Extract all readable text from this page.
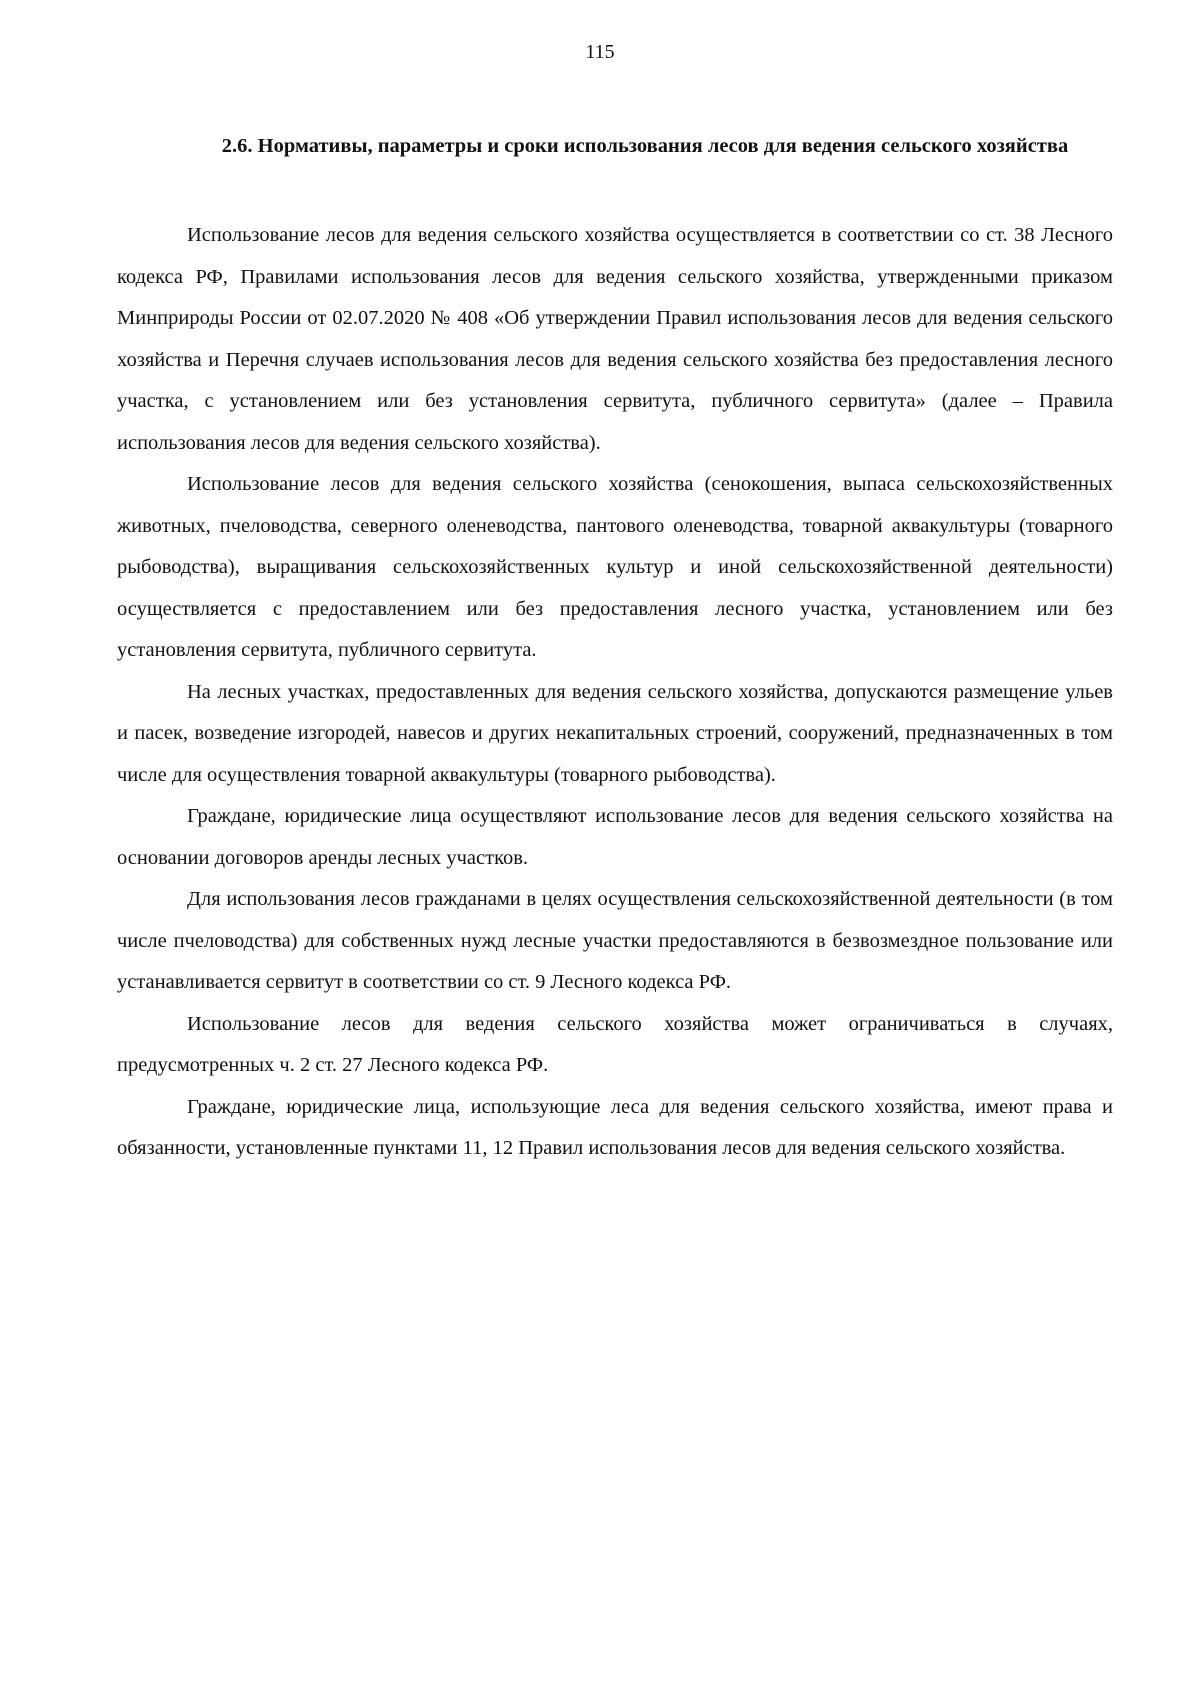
115
2.6. Нормативы, параметры и сроки использования лесов для ведения сельского хозяйства

Использование лесов для ведения сельского хозяйства осуществляется в соответствии со ст. 38 Лесного кодекса РФ, Правилами использования лесов для ведения сельского хозяйства, утвержденными приказом Минприроды России от 02.07.2020 № 408 «Об утверждении Правил использования лесов для ведения сельского хозяйства и Перечня случаев использования лесов для ведения сельского хозяйства без предоставления лесного участка, с установлением или без установления сервитута, публичного сервитута» (далее – Правила использования лесов для ведения сельского хозяйства).

Использование лесов для ведения сельского хозяйства (сенокошения, выпаса сельскохозяйственных животных, пчеловодства, северного оленеводства, пантового оленеводства, товарной аквакультуры (товарного рыбоводства), выращивания сельскохозяйственных культур и иной сельскохозяйственной деятельности) осуществляется с предоставлением или без предоставления лесного участка, установлением или без установления сервитута, публичного сервитута.

На лесных участках, предоставленных для ведения сельского хозяйства, допускаются размещение ульев и пасек, возведение изгородей, навесов и других некапитальных строений, сооружений, предназначенных в том числе для осуществления товарной аквакультуры (товарного рыбоводства).

Граждане, юридические лица осуществляют использование лесов для ведения сельского хозяйства на основании договоров аренды лесных участков.

Для использования лесов гражданами в целях осуществления сельскохозяйственной деятельности (в том числе пчеловодства) для собственных нужд лесные участки предоставляются в безвозмездное пользование или устанавливается сервитут в соответствии со ст. 9 Лесного кодекса РФ.

Использование лесов для ведения сельского хозяйства может ограничиваться в случаях, предусмотренных ч. 2 ст. 27 Лесного кодекса РФ.

Граждане, юридические лица, использующие леса для ведения сельского хозяйства, имеют права и обязанности, установленные пунктами 11, 12 Правил использования лесов для ведения сельского хозяйства.
